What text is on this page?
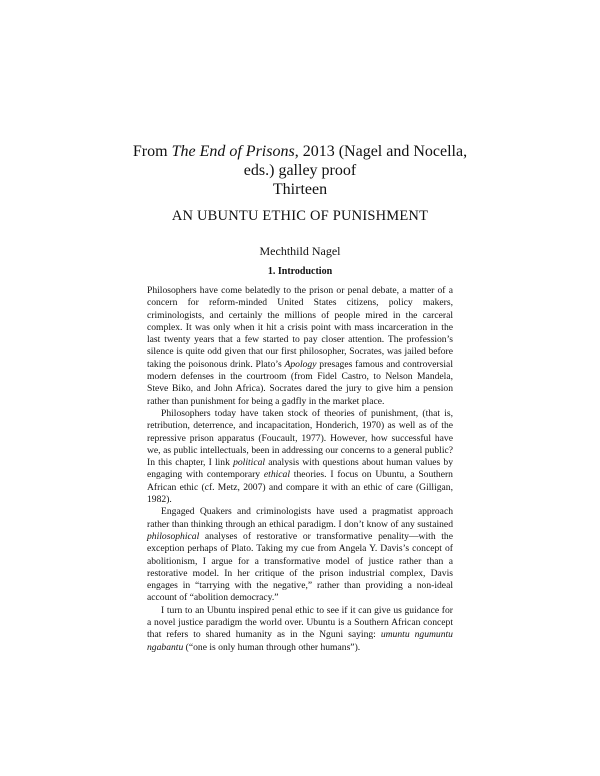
From The End of Prisons, 2013 (Nagel and Nocella,
eds.) galley proof
Thirteen
AN UBUNTU ETHIC OF PUNISHMENT
Mechthild Nagel
1. Introduction

Philosophers have come belatedly to the prison or penal debate, a matter of a concern for reform-minded United States citizens, policy makers, criminologists, and certainly the millions of people mired in the carceral complex. It was only when it hit a crisis point with mass incarceration in the last twenty years that a few started to pay closer attention. The profession’s silence is quite odd given that our first philosopher, Socrates, was jailed before taking the poisonous drink. Plato’s Apology presages famous and controversial modern defenses in the courtroom (from Fidel Castro, to Nelson Mandela, Steve Biko, and John Africa). Socrates dared the jury to give him a pension rather than punishment for being a gadfly in the market place.

Philosophers today have taken stock of theories of punishment, (that is, retribution, deterrence, and incapacitation, Honderich, 1970) as well as of the repressive prison apparatus (Foucault, 1977). However, how successful have we, as public intellectuals, been in addressing our concerns to a general public? In this chapter, I link political analysis with questions about human values by engaging with contemporary ethical theories. I focus on Ubuntu, a Southern African ethic (cf. Metz, 2007) and compare it with an ethic of care (Gilligan, 1982).

Engaged Quakers and criminologists have used a pragmatist approach rather than thinking through an ethical paradigm. I don’t know of any sustained philosophical analyses of restorative or transformative penality—with the exception perhaps of Plato. Taking my cue from Angela Y. Davis’s concept of abolitionism, I argue for a transformative model of justice rather than a restorative model. In her critique of the prison industrial complex, Davis engages in “tarrying with the negative,” rather than providing a non-ideal account of “abolition democracy.”

I turn to an Ubuntu inspired penal ethic to see if it can give us guidance for a novel justice paradigm the world over. Ubuntu is a Southern African concept that refers to shared humanity as in the Nguni saying: umuntu ngumuntu ngabantu (“one is only human through other humans”).
